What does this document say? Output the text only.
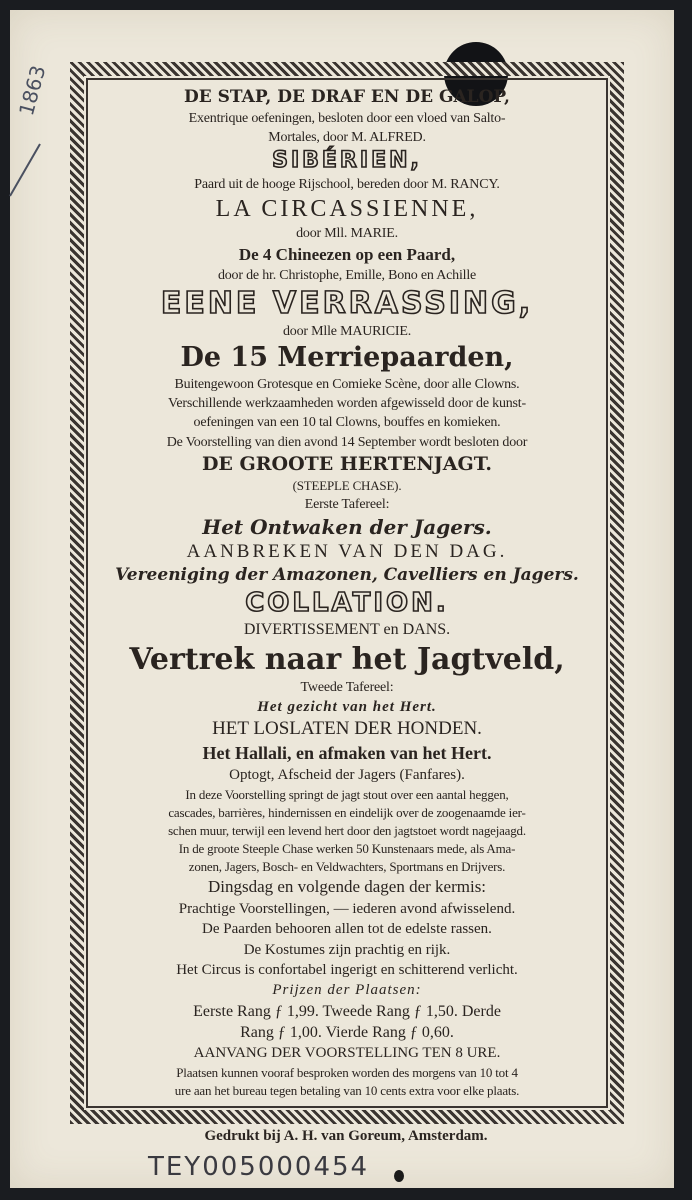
1863	DE STAP, DE DRAF EN DE GALOP,
Exentrique oefeningen, besloten door een vloed van Salto-
Mortales, door M. ALFRED.
SIBÉRIEN,
Paard uit de hooge Rijschool, bereden door M. RANCY.
LA CIRCASSIENNE,
door Mll. MARIE.
De 4 Chineezen op een Paard,
door de hr. Christophe, Emille, Bono en Achille
EENE VERRASSING,
door Mlle MAURICIE.
De 15 Merriepaarden,
Buitengewoon Grotesque en Comieke Scène, door alle Clowns.
Verschillende werkzaamheden worden afgewisseld door de kunst-
oefeningen van een 10 tal Clowns, bouffes en komieken.
De Voorstelling van dien avond 14 September wordt besloten door
DE GROOTE HERTENJAGT.
(STEEPLE CHASE).
Eerste Tafereel:
Het Ontwaken der Jagers.
AANBREKEN VAN DEN DAG.
Vereeniging der Amazonen, Cavelliers en Jagers.
COLLATION.
DIVERTISSEMENT en DANS.
Vertrek naar het Jagtveld,
Tweede Tafereel:
Het gezicht van het Hert.
HET LOSLATEN DER HONDEN.
Het Hallali, en afmaken van het Hert.
Optogt, Afscheid der Jagers (Fanfares).
In deze Voorstelling springt de jagt stout over een aantal heggen,
cascades, barrières, hindernissen en eindelijk over de zoogenaamde ier-
schen muur, terwijl een levend hert door den jagtstoet wordt nagejaagd.
In de groote Steeple Chase werken 50 Kunstenaars mede, als Ama-
zonen, Jagers, Bosch- en Veldwachters, Sportmans en Drijvers.
Dingsdag en volgende dagen der kermis:
Prachtige Voorstellingen, — iederen avond afwisselend.
De Paarden behooren allen tot de edelste rassen.
De Kostumes zijn prachtig en rijk.
Het Circus is confortabel ingerigt en schitterend verlicht.
Prijzen der Plaatsen:
Eerste Rang ƒ 1,99. Tweede Rang ƒ 1,50. Derde
Rang ƒ 1,00. Vierde Rang ƒ 0,60.
AANVANG DER VOORSTELLING TEN 8 URE.
Plaatsen kunnen vooraf besproken worden des morgens van 10 tot 4
ure aan het bureau tegen betaling van 10 cents extra voor elke plaats.
Gedrukt bij A. H. van Goreum, Amsterdam.
TEY005000454
